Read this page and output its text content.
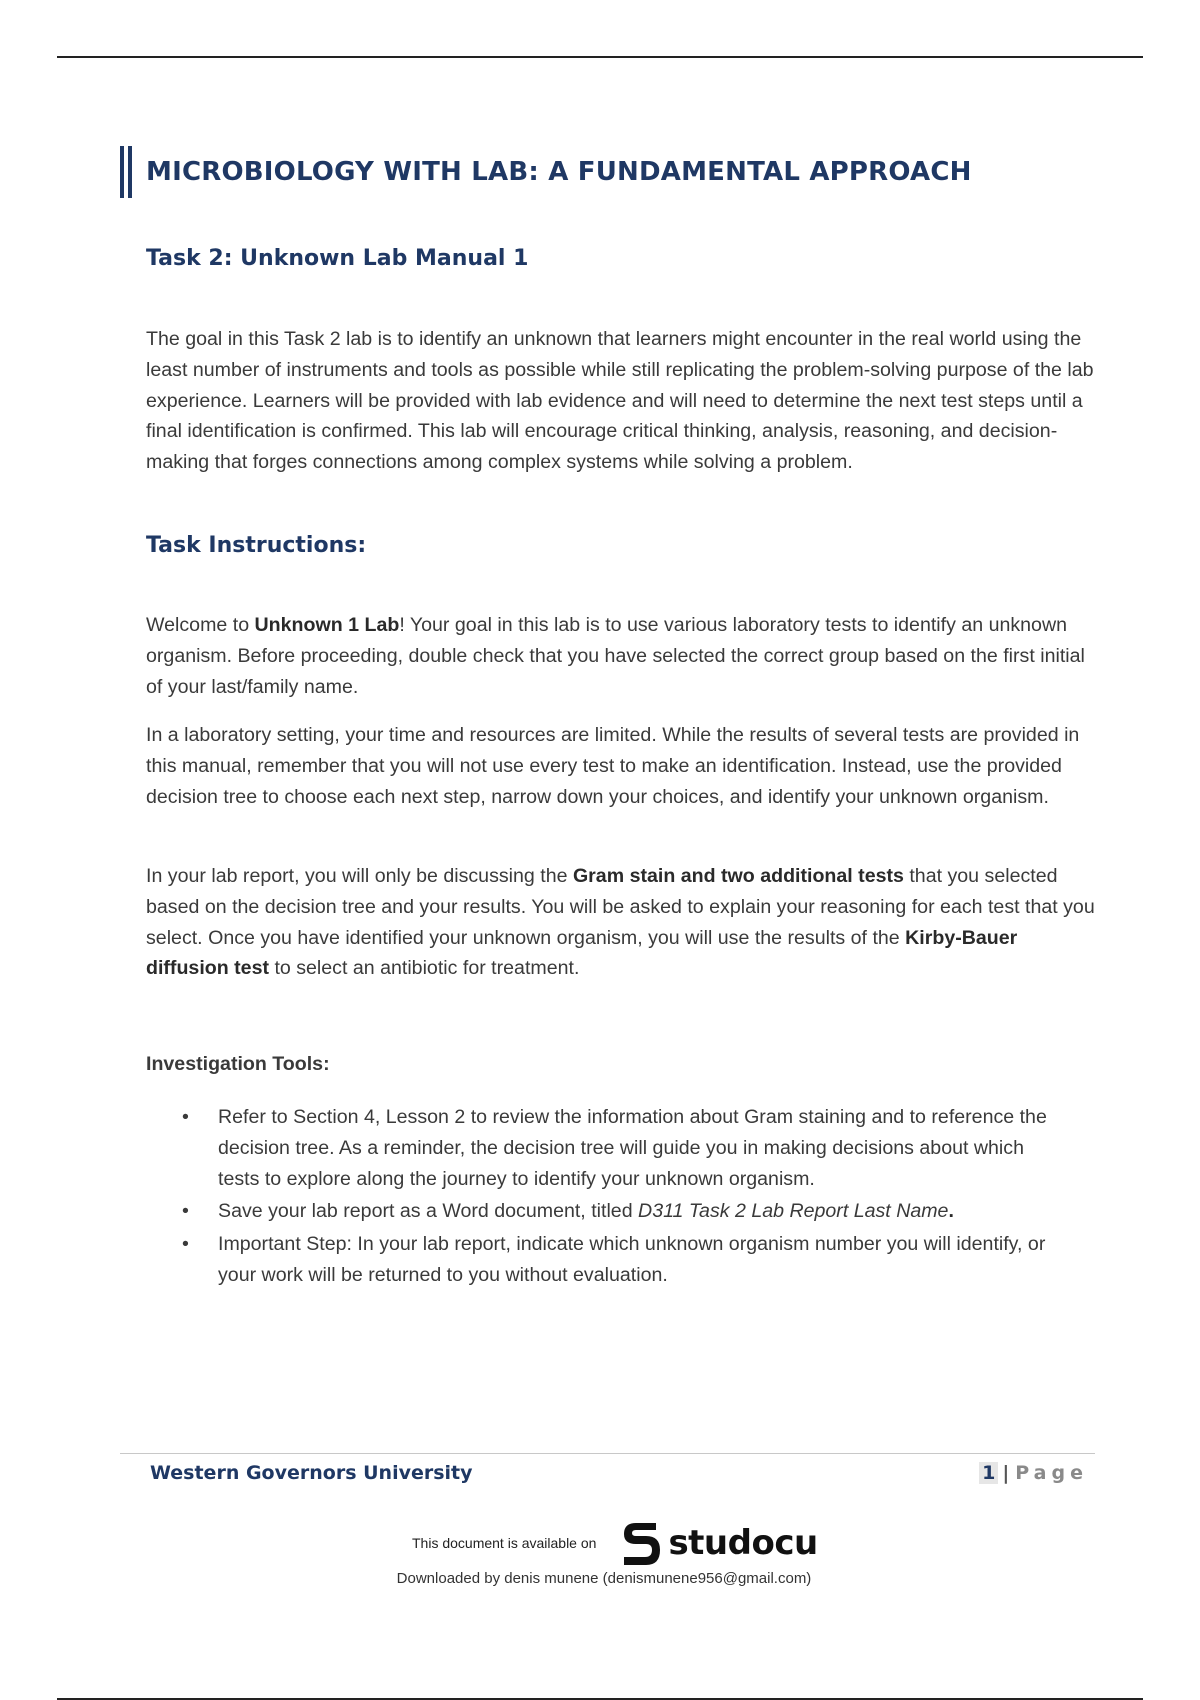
MICROBIOLOGY WITH LAB: A FUNDAMENTAL APPROACH
Task 2: Unknown Lab Manual 1

The goal in this Task 2 lab is to identify an unknown that learners might encounter in the real world using the least number of instruments and tools as possible while still replicating the problem-solving purpose of the lab experience. Learners will be provided with lab evidence and will need to determine the next test steps until a final identification is confirmed. This lab will encourage critical thinking, analysis, reasoning, and decision-making that forges connections among complex systems while solving a problem.

Task Instructions:

Welcome to Unknown 1 Lab! Your goal in this lab is to use various laboratory tests to identify an unknown organism. Before proceeding, double check that you have selected the correct group based on the first initial of your last/family name.

In a laboratory setting, your time and resources are limited. While the results of several tests are provided in this manual, remember that you will not use every test to make an identification. Instead, use the provided decision tree to choose each next step, narrow down your choices, and identify your unknown organism.

In your lab report, you will only be discussing the Gram stain and two additional tests that you selected based on the decision tree and your results. You will be asked to explain your reasoning for each test that you select. Once you have identified your unknown organism, you will use the results of the Kirby-Bauer diffusion test to select an antibiotic for treatment.

Investigation Tools:

• Refer to Section 4, Lesson 2 to review the information about Gram staining and to reference the decision tree. As a reminder, the decision tree will guide you in making decisions about which tests to explore along the journey to identify your unknown organism.
• Save your lab report as a Word document, titled D311 Task 2 Lab Report Last Name.
• Important Step: In your lab report, indicate which unknown organism number you will identify, or your work will be returned to you without evaluation.

Western Governors University	1 | Page

This document is available on studocu

Downloaded by denis munene (denismunene956@gmail.com)
